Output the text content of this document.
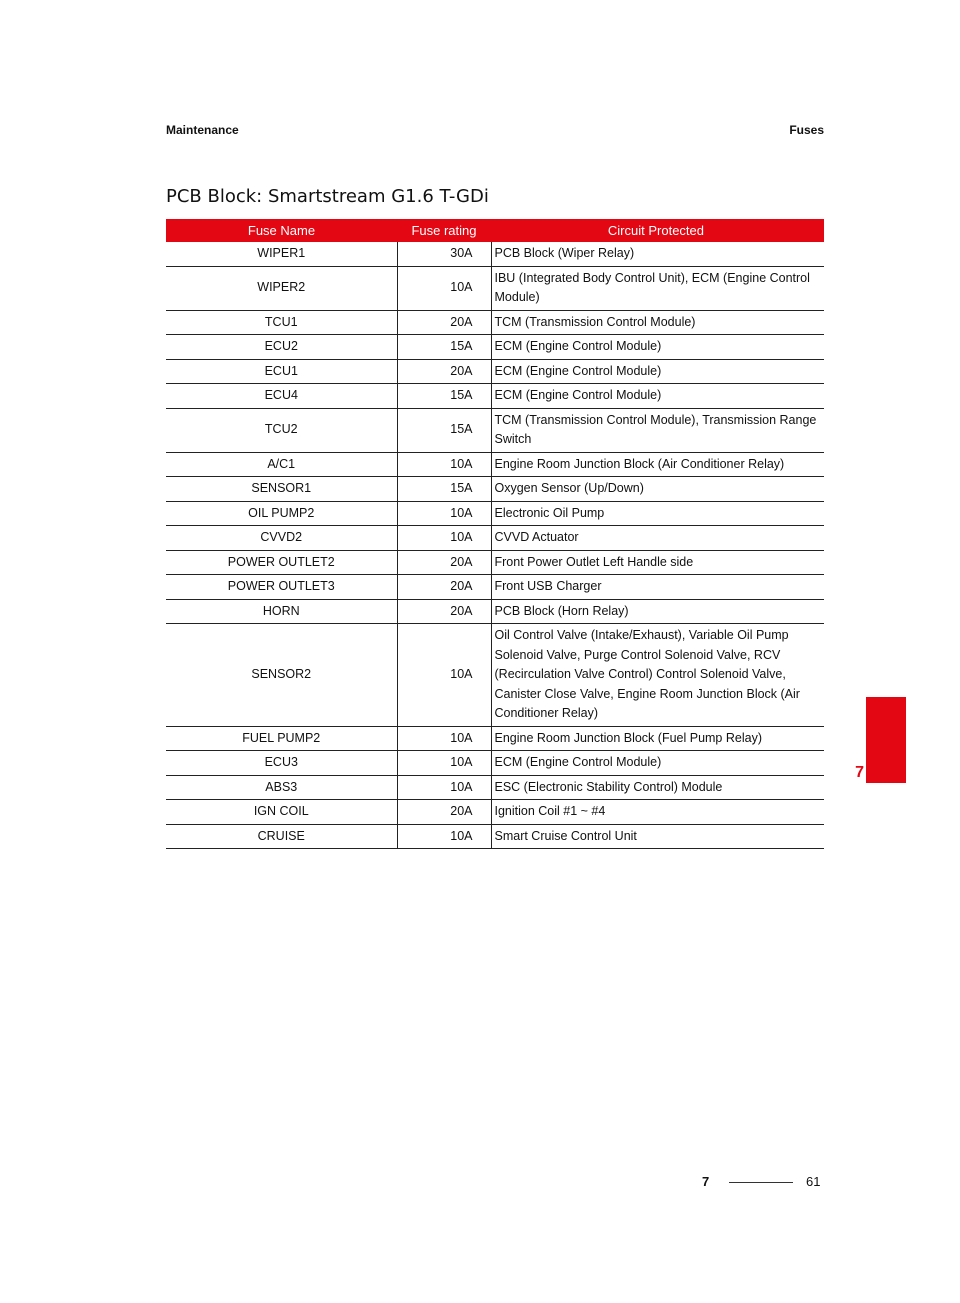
Maintenance	Fuses
PCB Block: Smartstream G1.6 T-GDi
Fuse Name	Fuse rating	Circuit Protected
WIPER1	30A	PCB Block (Wiper Relay)
WIPER2	10A	IBU (Integrated Body Control Unit), ECM (Engine Control Module)
TCU1	20A	TCM (Transmission Control Module)
ECU2	15A	ECM (Engine Control Module)
ECU1	20A	ECM (Engine Control Module)
ECU4	15A	ECM (Engine Control Module)
TCU2	15A	TCM (Transmission Control Module), Transmission Range Switch
A/C1	10A	Engine Room Junction Block (Air Conditioner Relay)
SENSOR1	15A	Oxygen Sensor (Up/Down)
OIL PUMP2	10A	Electronic Oil Pump
CVVD2	10A	CVVD Actuator
POWER OUTLET2	20A	Front Power Outlet Left Handle side
POWER OUTLET3	20A	Front USB Charger
HORN	20A	PCB Block (Horn Relay)
SENSOR2	10A	Oil Control Valve (Intake/Exhaust), Variable Oil Pump Solenoid Valve, Purge Control Solenoid Valve, RCV (Recirculation Valve Control) Control Solenoid Valve, Canister Close Valve, Engine Room Junction Block (Air Conditioner Relay)
FUEL PUMP2	10A	Engine Room Junction Block (Fuel Pump Relay)
ECU3	10A	ECM (Engine Control Module)
ABS3	10A	ESC (Electronic Stability Control) Module
IGN COIL	20A	Ignition Coil #1 ~ #4
CRUISE	10A	Smart Cruise Control Unit
7
7	61
